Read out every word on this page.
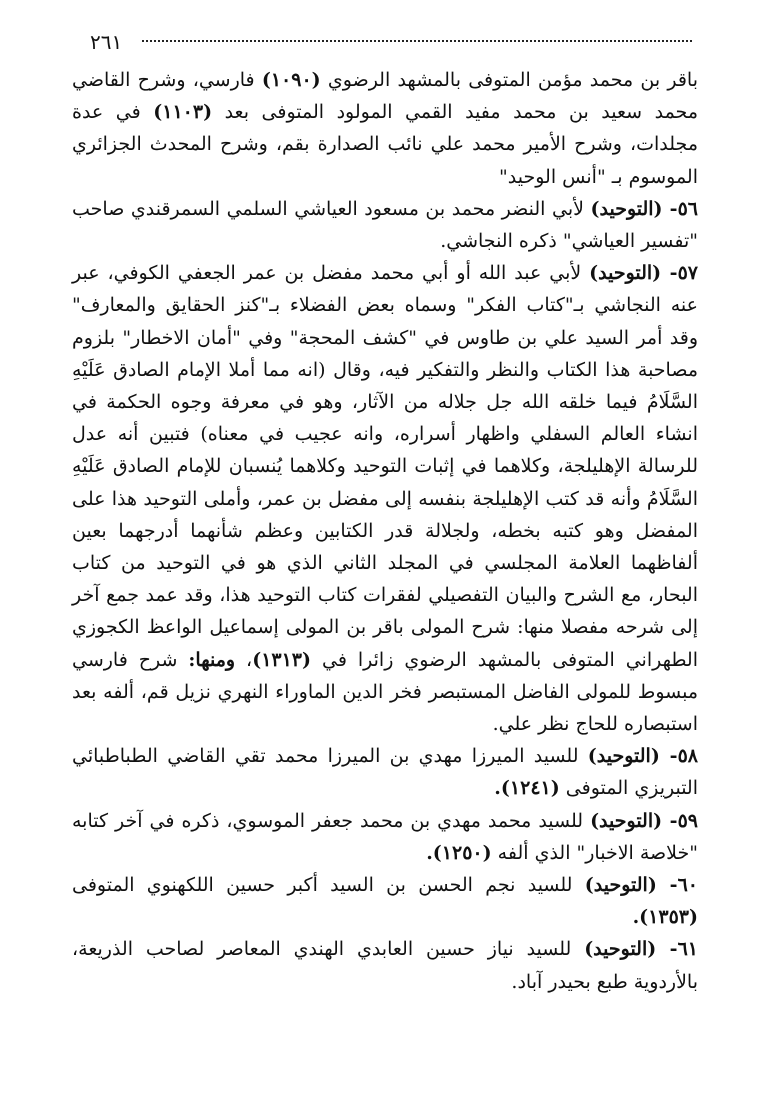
٢٦١

باقر بن محمد مؤمن المتوفى بالمشهد الرضوي (١٠٩٠) فارسي، وشرح القاضي محمد سعيد بن محمد مفيد القمي المولود المتوفى بعد (١١٠٣) في عدة مجلدات، وشرح الأمير محمد علي نائب الصدارة بقم، وشرح المحدث الجزائري الموسوم بـ "أنس الوحيد"

٥٦- (التوحيد) لأبي النضر محمد بن مسعود العياشي السلمي السمرقندي صاحب "تفسير العياشي" ذكره النجاشي.

٥٧- (التوحيد) لأبي عبد الله أو أبي محمد مفضل بن عمر الجعفي الكوفي، عبر عنه النجاشي بـ"كتاب الفكر" وسماه بعض الفضلاء بـ"كنز الحقايق والمعارف" وقد أمر السيد علي بن طاوس في "كشف المحجة" وفي "أمان الاخطار" بلزوم مصاحبة هذا الكتاب والنظر والتفكير فيه، وقال (انه مما أملا الإمام الصادق عَلَيْهِ السَّلَامُ فيما خلقه الله جل جلاله من الآثار، وهو في معرفة وجوه الحكمة في انشاء العالم السفلي واظهار أسراره، وانه عجيب في معناه) فتبين أنه عدل للرسالة الإهليلجة، وكلاهما في إثبات التوحيد وكلاهما يُنسبان للإمام الصادق عَلَيْهِ السَّلَامُ وأنه قد كتب الإهليلجة بنفسه إلى مفضل بن عمر، وأملى التوحيد هذا على المفضل وهو كتبه بخطه، ولجلالة قدر الكتابين وعظم شأنهما أدرجهما بعين ألفاظهما العلامة المجلسي في المجلد الثاني الذي هو في التوحيد من كتاب البحار، مع الشرح والبيان التفصيلي لفقرات كتاب التوحيد هذا، وقد عمد جمع آخر إلى شرحه مفصلا منها: شرح المولى باقر بن المولى إسماعيل الواعظ الكجوزي الطهراني المتوفى بالمشهد الرضوي زائرا في (١٣١٣)، ومنها: شرح فارسي مبسوط للمولى الفاضل المستبصر فخر الدين الماوراء النهري نزيل قم، ألفه بعد استبصاره للحاج نظر علي.

٥٨- (التوحيد) للسيد الميرزا مهدي بن الميرزا محمد تقي القاضي الطباطبائي التبريزي المتوفى (١٢٤١).

٥٩- (التوحيد) للسيد محمد مهدي بن محمد جعفر الموسوي، ذكره في آخر كتابه "خلاصة الاخبار" الذي ألفه (١٢٥٠).

٦٠- (التوحيد) للسيد نجم الحسن بن السيد أكبر حسين اللكهنوي المتوفى (١٣٥٣).

٦١- (التوحيد) للسيد نياز حسين العابدي الهندي المعاصر لصاحب الذريعة، بالأردوية طبع بحيدر آباد.
